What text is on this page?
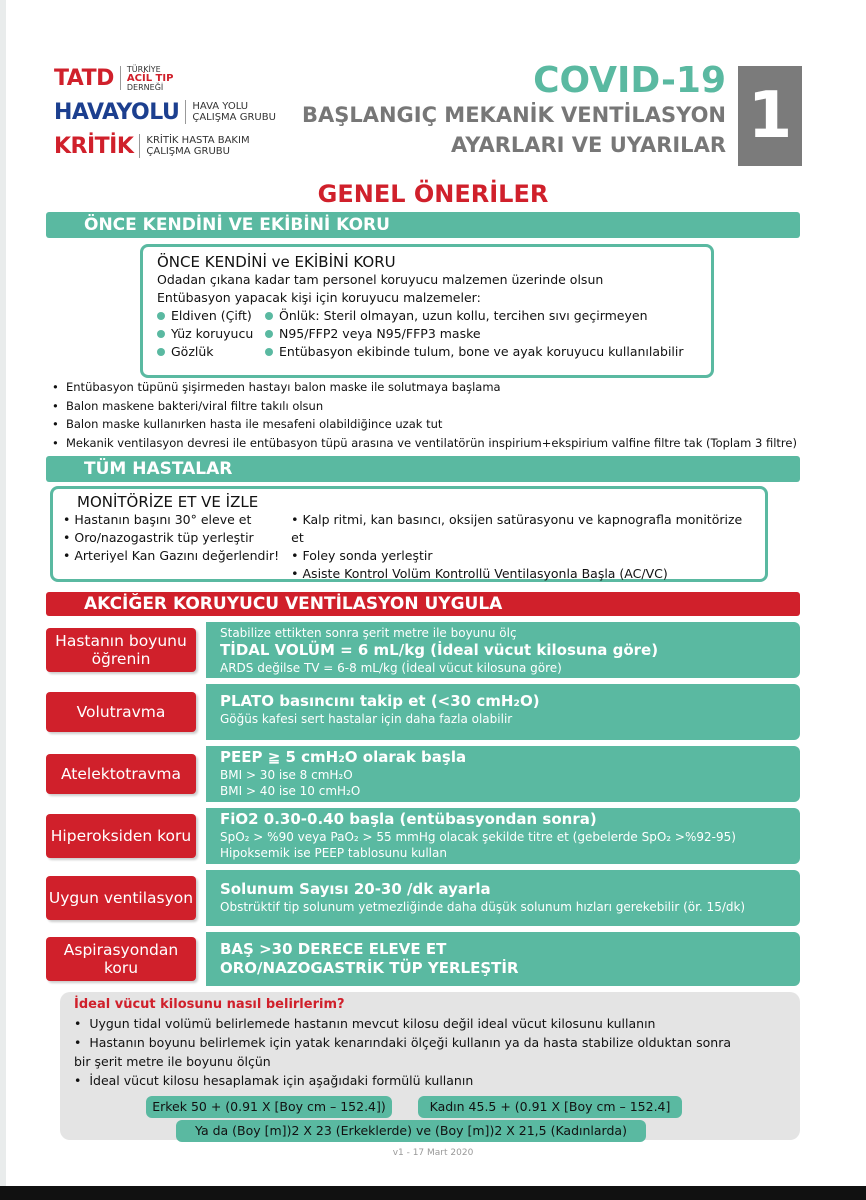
TATD TÜRKİYE
ACİL TIP
DERNEĞİ
HAVAYOLU HAVA YOLU
ÇALIŞMA GRUBU
KRİTİK KRİTİK HASTA BAKIM
ÇALIŞMA GRUBU
COVID-19
BAŞLANGIÇ MEKANİK VENTİLASYON
AYARLARI VE UYARILAR 1
GENEL ÖNERİLER
ÖNCE KENDİNİ VE EKİBİNİ KORU
ÖNCE KENDİNİ ve EKİBİNİ KORU
Odadan çıkana kadar tam personel koruyucu malzemen üzerinde olsun
Entübasyon yapacak kişi için koruyucu malzemeler:
Eldiven (Çift)
Yüz koruyucu
Gözlük
Önlük: Steril olmayan, uzun kollu, tercihen sıvı geçirmeyen
N95/FFP2 veya N95/FFP3 maske
Entübasyon ekibinde tulum, bone ve ayak koruyucu kullanılabilir
• Entübasyon tüpünü şişirmeden hastayı balon maske ile solutmaya başlama
• Balon maskene bakteri/viral filtre takılı olsun
• Balon maske kullanırken hasta ile mesafeni olabildiğince uzak tut
• Mekanik ventilasyon devresi ile entübasyon tüpü arasına ve ventilatörün inspirium+ekspirium valfine filtre tak (Toplam 3 filtre)
TÜM HASTALAR
MONİTÖRİZE ET VE İZLE
• Hastanın başını 30° eleve et
• Oro/nazogastrik tüp yerleştir
• Arteriyel Kan Gazını değerlendir!
• Kalp ritmi, kan basıncı, oksijen satürasyonu ve kapnografla monitörize et
• Foley sonda yerleştir
• Asiste Kontrol Volüm Kontrollü Ventilasyonla Başla (AC/VC)
AKCİĞER KORUYUCU VENTİLASYON UYGULA
Stabilize ettikten sonra şerit metre ile boyunu ölç
TİDAL VOLÜM = 6 mL/kg (İdeal vücut kilosuna göre)
ARDS değilse TV = 6-8 mL/kg (İdeal vücut kilosuna göre)
Hastanın boyunu öğrenin
PLATO basıncını takip et (<30 cmH₂O)
Göğüs kafesi sert hastalar için daha fazla olabilir
Volutravma
PEEP ≧ 5 cmH₂O olarak başla
BMI > 30 ise 8 cmH₂O
BMI > 40 ise 10 cmH₂O
Atelektotravma
FiO2 0.30-0.40 başla (entübasyondan sonra)
SpO₂ > %90 veya PaO₂ > 55 mmHg olacak şekilde titre et (gebelerde SpO₂ >%92-95)
Hipoksemik ise PEEP tablosunu kullan
Hiperoksiden koru
Solunum Sayısı 20-30 /dk ayarla
Obstrüktif tip solunum yetmezliğinde daha düşük solunum hızları gerekebilir (ör. 15/dk)
Uygun ventilasyon
BAŞ >30 DERECE ELEVE ET
ORO/NAZOGASTRİK TÜP YERLEŞTİR
Aspirasyondan koru
İdeal vücut kilosunu nasıl belirlerim?
•  Uygun tidal volümü belirlemede hastanın mevcut kilosu değil ideal vücut kilosunu kullanın
•  Hastanın boyunu belirlemek için yatak kenarındaki ölçeği kullanın ya da hasta stabilize olduktan sonra
bir şerit metre ile boyunu ölçün
•  İdeal vücut kilosu hesaplamak için aşağıdaki formülü kullanın
Erkek 50 + (0.91 X [Boy cm – 152.4])	Kadın 45.5 + (0.91 X [Boy cm – 152.4]
Ya da (Boy [m])2 X 23 (Erkeklerde) ve (Boy [m])2 X 21,5 (Kadınlarda)
v1 - 17 Mart 2020
